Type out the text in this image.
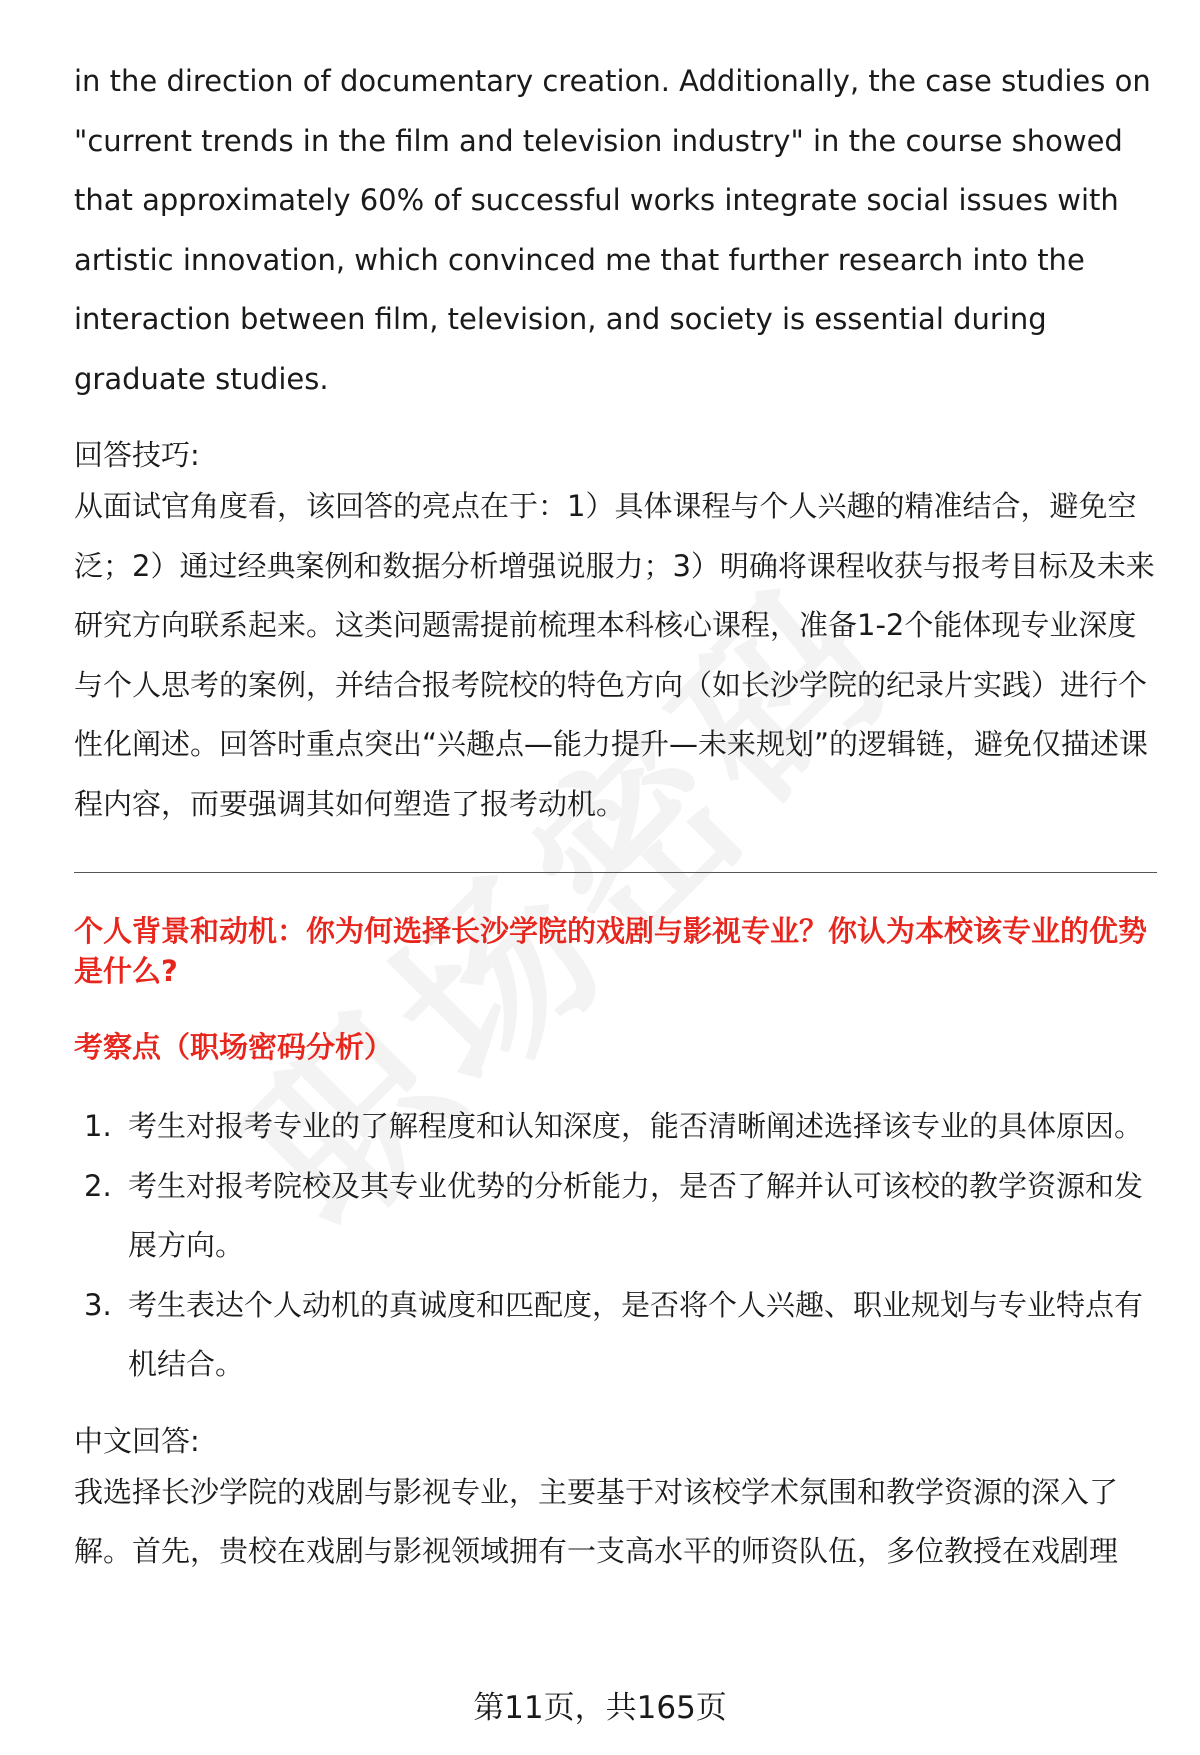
in the direction of documentary creation. Additionally, the case studies on "current trends in the film and television industry" in the course showed that approximately 60% of successful works integrate social issues with artistic innovation, which convinced me that further research into the interaction between film, television, and society is essential during graduate studies.

回答技巧:

从面试官角度看，该回答的亮点在于：1）具体课程与个人兴趣的精准结合，避免空泛；2）通过经典案例和数据分析增强说服力；3）明确将课程收获与报考目标及未来研究方向联系起来。这类问题需提前梳理本科核心课程，准备1-2个能体现专业深度与个人思考的案例，并结合报考院校的特色方向（如长沙学院的纪录片实践）进行个性化阐述。回答时重点突出“兴趣点—能力提升—未来规划”的逻辑链，避免仅描述课程内容，而要强调其如何塑造了报考动机。

个人背景和动机：你为何选择长沙学院的戏剧与影视专业？你认为本校该专业的优势是什么?
考察点（职场密码分析）
1. 考生对报考专业的了解程度和认知深度，能否清晰阐述选择该专业的具体原因。
2. 考生对报考院校及其专业优势的分析能力，是否了解并认可该校的教学资源和发展方向。
3. 考生表达个人动机的真诚度和匹配度，是否将个人兴趣、职业规划与专业特点有机结合。
中文回答:

我选择长沙学院的戏剧与影视专业，主要基于对该校学术氛围和教学资源的深入了解。首先，贵校在戏剧与影视领域拥有一支高水平的师资队伍，多位教授在戏剧理

第11页，共165页
